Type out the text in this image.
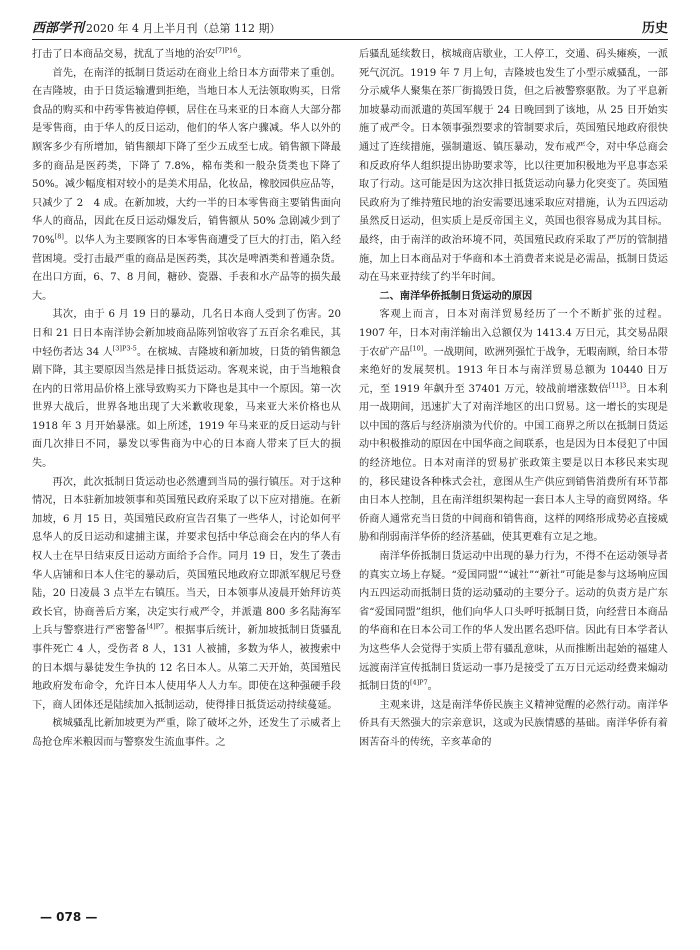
西部学刊 2020 年 4 月上半月刊（总第 112 期）	历史

打击了日本商品交易，扰乱了当地的治安$^{[7]P16}$。

首先，在南洋的抵制日货运动在商业上给日本方面带来了重创。在吉隆坡，由于日货运输遭到拒绝，当地日本人无法领取购买，日常食品的购买和中药零售被迫停顿，居住在马来亚的日本商人大部分都是零售商，由于华人的反日运动，他们的华人客户骤减。华人以外的顾客多少有所增加，销售额却下降了至少五成至七成。销售额下降最多的商品是医药类，下降了 7.8%，棉布类和一般杂货类也下降了 50%。减少幅度相对较小的是美术用品，化妆品，橡胶园供应品等，只减少了 2　4 成。在新加坡，大约一半的日本零售商主要销售面向华人的商品，因此在反日运动爆发后，销售额从 50% 急剧减少到了 70%[8]。以华人为主要顾客的日本零售商遭受了巨大的打击，陷入经营困境。受打击最严重的商品是医药类，其次是啤酒类和普通杂货。在出口方面，6、7、8 月间，糖砂、瓷器、手表和水产品等的损失最大。

其次，由于 6 月 19 日的暴动，几名日本商人受到了伤害。20 日和 21 日日本南洋协会新加坡商品陈列馆收容了五百余名难民，其中轻伤者达 34 人$^{[3]P3-5}$。在槟城、吉隆坡和新加坡，日货的销售额急剧下降，其主要原因当然是排日抵货运动。客观来说，由于当地粮食在内的日常用品价格上涨导致购买力下降也是其中一个原因。第一次世界大战后，世界各地出现了大米歉收现象，马来亚大米价格也从 1918 年 3 月开始暴涨。如上所述，1919 年马来亚的反日运动与针面几次排日不同，暴发以零售商为中心的日本商人带来了巨大的损失。

再次，此次抵制日货运动也必然遭到当局的强行镇压。对于这种情况，日本驻新加坡领事和英国殖民政府采取了以下应对措施。在新加坡，6 月 15 日，英国殖民政府宣告召集了一些华人，讨论如何平息华人的反日运动和逮捕主谋，并要求包括中华总商会在内的华人有权人士在早日结束反日运动方面给予合作。同月 19 日，发生了袭击华人店铺和日本人住宅的暴动后，英国殖民地政府立即派军舰尼号登陆，20 日凌晨 3 点半左右镇压。当天，日本领事从凌晨开始拜访英政长官，协商善后方案，决定实行戒严令，并派遣 800 多名陆海军上兵与警察进行严密警备$^{[4]P7}$。根据事后统计，新加坡抵制日货骚乱事件死亡 4 人，受伤者 8 人，131 人被捕，多数为华人，被搜索中的日本烟与暴徒发生争执的 12 名日本人。从第二天开始，英国殖民地政府发布命令，允许日本人使用华人人力车。即使在这种强硬手段下，商人团体还是陆续加入抵制运动，使得排日抵货运动持续蔓延。

槟城骚乱比新加坡更为严重，除了破坏之外，还发生了示威者上岛抢仓库米粮因而与警察发生流血事件。之

后骚乱延续数日，槟城商店歇业，工人停工，交通、码头瘫痪，一派死气沉沉。1919 年 7 月上旬，吉隆坡也发生了小型示威骚乱，一部分示威华人聚集在茶厂街捣毁日货，但之后被警察驱散。为了平息新加坡暴动而派遣的英国军舰于 24 日晚回到了该地，从 25 日开始实施了戒严令。日本领事强烈要求的管制要求后，英国殖民地政府很快通过了连续措施，强制遣返、镇压暴动，发布戒严令，对中华总商会和反政府华人组织提出协助要求等，比以往更加积极地为平息事态采取了行动。这可能是因为这次排日抵货运动向暴力化突变了。英国殖民政府为了维持殖民地的治安需要迅速采取应对措施，认为五四运动虽然反日运动，但实质上是反帝国主义，英国也很容易成为其目标。最终，由于南洋的政治环境不同，英国殖民政府采取了严厉的管制措施，加上日本商品对于华商和本土消费者来说是必需品，抵制日货运动在马来亚持续了约半年时间。

二、南洋华侨抵制日货运动的原因

客观上而言，日本对南洋贸易经历了一个不断扩张的过程。1907 年，日本对南洋输出入总额仅为 1413.4 万日元，其交易品限于农矿产品[10]。一战期间，欧洲列强忙于战争，无暇南顾，给日本带来绝好的发展契机。1913 年日本与南洋贸易总额为 10440 日万元，至 1919 年飙升至 37401 万元，较战前增涨数倍$^{[11]3}$。日本利用一战期间，迅速扩大了对南洋地区的出口贸易。这一增长的实现是以中国的落后与经济崩溃为代价的。中国工商界之所以在抵制日货运动中积极推动的原因在中国华商之间联系，也是因为日本侵犯了中国的经济地位。日本对南洋的贸易扩张政策主要是以日本移民来实现的，移民建设各种株式会社，意图从生产供应到销售消费所有环节都由日本人控制，且在南洋组织架构起一套日本人主导的商贸网络。华侨商人通常充当日货的中间商和销售商，这样的网络形成势必直接威胁和削弱南洋华侨的经济基础，使其更难有立足之地。

南洋华侨抵制日货运动中出现的暴力行为，不得不在运动领导者的真实立场上存疑。“爱国同盟”“诚社”“新社”可能是参与这场响应国内五四运动而抵制日货的运动骚动的主要分子。运动的负责方是广东省“爱国同盟”组织，他们向华人口头呼吁抵制日货，向经营日本商品的华商和在日本公司工作的华人发出匿名恐吓信。因此有日本学者认为这些华人会觉得于实质上带有骚乱意味，从而推断出起始的福建人远渡南洋宣传抵制日货运动一事乃是接受了五万日元运动经费来煽动抵制日货的$^{[4]P7}$。

主观来讲，这是南洋华侨民族主义精神觉醒的必然行动。南洋华侨具有天然强大的宗亲意识，这或为民族情感的基础。南洋华侨有着困苦奋斗的传统，辛亥革命的

— 078 —
